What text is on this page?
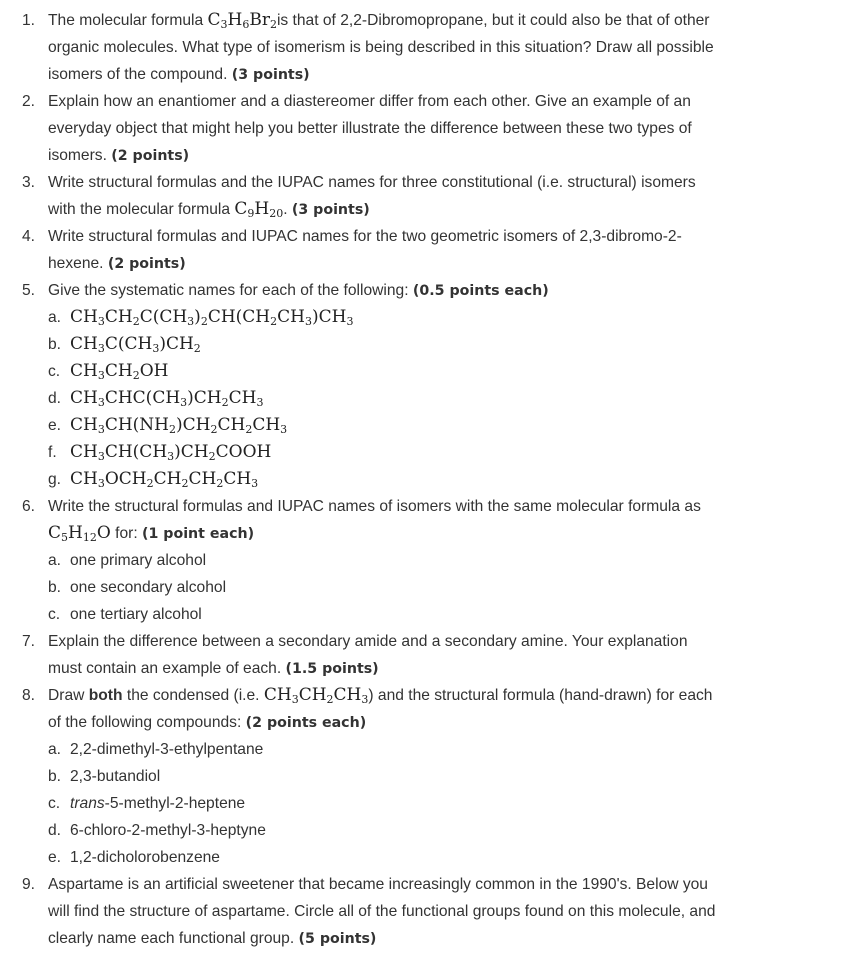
1. The molecular formula $C_3H_6Br_2is$ that of 2,2-Dibromopropane, but it could also be that of other
organic molecules. What type of isomerism is being described in this situation? Draw all possible
isomers of the compound. (3 points)
2. Explain how an enantiomer and a diastereomer differ from each other. Give an example of an
everyday object that might help you better illustrate the difference between these two types of
isomers. (2 points)
3. Write structural formulas and the IUPAC names for three constitutional (i.e. structural) isomers
with the molecular formula $C_9H_{20}$. (3 points)
4. Write structural formulas and IUPAC names for the two geometric isomers of 2,3-dibromo-2-
hexene. (2 points)
5. Give the systematic names for each of the following: (0.5 points each)
a. $CH_3CH_2C(CH_3)_2CH(CH_2CH_3)CH_3$
b. $CH_3C(CH_3)CH_2$
c. $CH_3CH_2OH$
d. $CH_3CHC(CH_3)CH_2CH_3$
e. $CH_3CH(NH_2)CH_2CH_2CH_3$
f. $CH_3CH(CH_3)CH_2COOH$
g. $CH_3OCH_2CH_2CH_2CH_3$
6. Write the structural formulas and IUPAC names of isomers with the same molecular formula as
$C_5H_{12}O$ for: (1 point each)
a. one primary alcohol
b. one secondary alcohol
c. one tertiary alcohol
7. Explain the difference between a secondary amide and a secondary amine. Your explanation
must contain an example of each. (1.5 points)
8. Draw both the condensed (i.e. $CH_3CH_2CH_3$) and the structural formula (hand-drawn) for each
of the following compounds: (2 points each)
a. 2,2-dimethyl-3-ethylpentane
b. 2,3-butandiol
c. trans-5-methyl-2-heptene
d. 6-chloro-2-methyl-3-heptyne
e. 1,2-dicholorobenzene
9. Aspartame is an artificial sweetener that became increasingly common in the 1990's. Below you
will find the structure of aspartame. Circle all of the functional groups found on this molecule, and
clearly name each functional group. (5 points)
